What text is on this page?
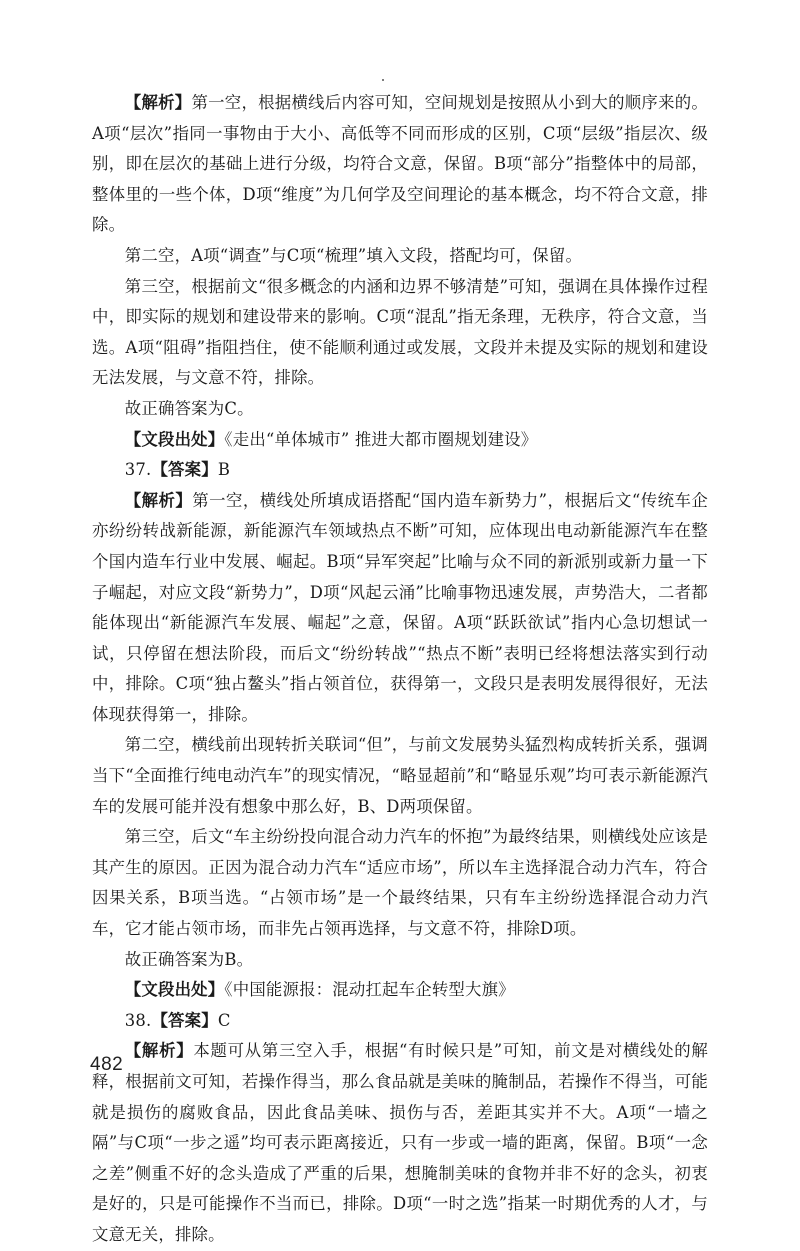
【解析】第一空，根据横线后内容可知，空间规划是按照从小到大的顺序来的。A项“层次”指同一事物由于大小、高低等不同而形成的区别，C项“层级”指层次、级别，即在层次的基础上进行分级，均符合文意，保留。B项“部分”指整体中的局部，整体里的一些个体，D项“维度”为几何学及空间理论的基本概念，均不符合文意，排除。

第二空，A项“调查”与C项“梳理”填入文段，搭配均可，保留。

第三空，根据前文“很多概念的内涵和边界不够清楚”可知，强调在具体操作过程中，即实际的规划和建设带来的影响。C项“混乱”指无条理，无秩序，符合文意，当选。A项“阻碍”指阻挡住，使不能顺利通过或发展，文段并未提及实际的规划和建设无法发展，与文意不符，排除。

故正确答案为C。

【文段出处】《走出“单体城市” 推进大都市圈规划建设》

37.【答案】B

【解析】第一空，横线处所填成语搭配“国内造车新势力”，根据后文“传统车企亦纷纷转战新能源，新能源汽车领域热点不断”可知，应体现出电动新能源汽车在整个国内造车行业中发展、崛起。B项“异军突起”比喻与众不同的新派别或新力量一下子崛起，对应文段“新势力”，D项“风起云涌”比喻事物迅速发展，声势浩大，二者都能体现出“新能源汽车发展、崛起”之意，保留。A项“跃跃欲试”指内心急切想试一试，只停留在想法阶段，而后文“纷纷转战”“热点不断”表明已经将想法落实到行动中，排除。C项“独占鳌头”指占领首位，获得第一，文段只是表明发展得很好，无法体现获得第一，排除。

第二空，横线前出现转折关联词“但”，与前文发展势头猛烈构成转折关系，强调当下“全面推行纯电动汽车”的现实情况，“略显超前”和“略显乐观”均可表示新能源汽车的发展可能并没有想象中那么好，B、D两项保留。

第三空，后文“车主纷纷投向混合动力汽车的怀抱”为最终结果，则横线处应该是其产生的原因。正因为混合动力汽车“适应市场”，所以车主选择混合动力汽车，符合因果关系，B项当选。“占领市场”是一个最终结果，只有车主纷纷选择混合动力汽车，它才能占领市场，而非先占领再选择，与文意不符，排除D项。

故正确答案为B。

【文段出处】《中国能源报：混动扛起车企转型大旗》

38.【答案】C

【解析】本题可从第三空入手，根据“有时候只是”可知，前文是对横线处的解释，根据前文可知，若操作得当，那么食品就是美味的腌制品，若操作不得当，可能就是损伤的腐败食品，因此食品美味、损伤与否，差距其实并不大。A项“一墙之隔”与C项“一步之遥”均可表示距离接近，只有一步或一墙的距离，保留。B项“一念之差”侧重不好的念头造成了严重的后果，想腌制美味的食物并非不好的念头，初衷是好的，只是可能操作不当而已，排除。D项“一时之选”指某一时期优秀的人才，与文意无关，排除。

482
